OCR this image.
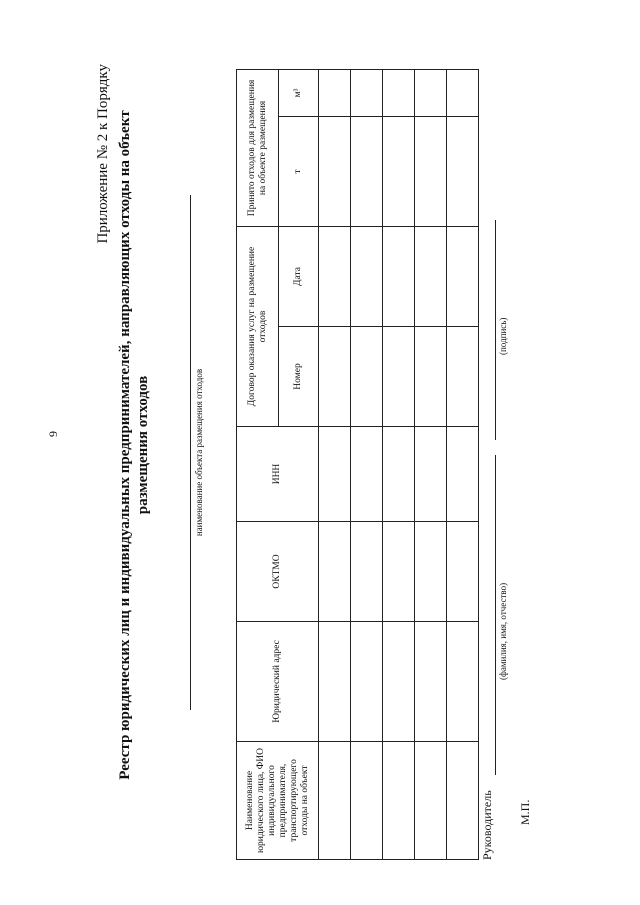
9
Приложение № 2 к Порядку Реестр юридических лиц и индивидуальных предпринимателей, направляющих отходы на объект размещения отходов	наименование объекта размещения отходов
Наименование юридического лица, ФИО индивидуального предпринимателя, транспортирующего отходы на объект	Юридический адрес	ОКТМО	ИНН	Договор оказания услуг на размещение отходов		Принято отходов для размещения на объекте размещения	
				Номер	Дата	т	м³

Руководитель
(фамилия, имя, отчество)
(подпись)
М.П.
